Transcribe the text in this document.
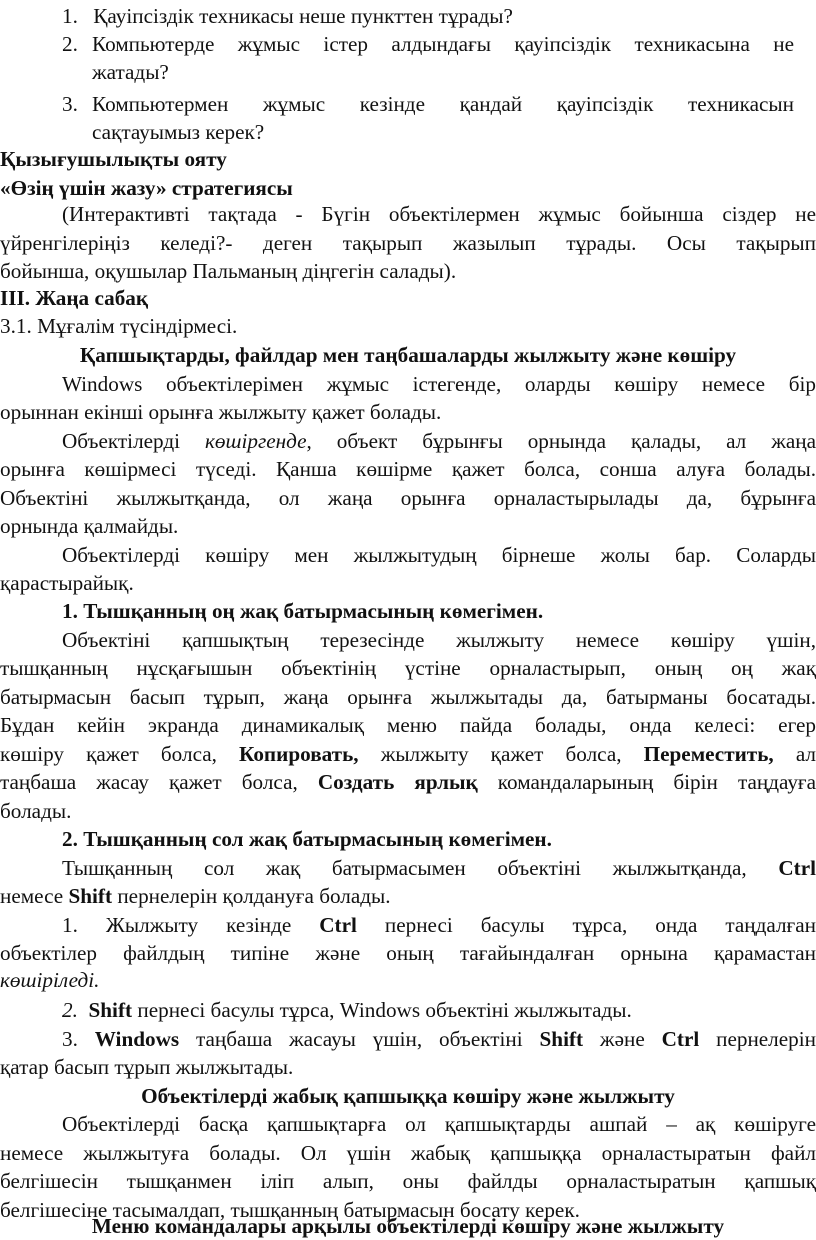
1. Қауіпсіздік техникасы неше пункттен тұрады?
2. Компьютерде жұмыс істер алдындағы қауіпсіздік техникасына не
жатады?
3. Компьютермен жұмыс кезінде қандай қауіпсіздік техникасын
сақтауымыз керек?
Қызығушылықты ояту
«Өзің үшін жазу» стратегиясы
(Интерактивті тақтада - Бүгін объектілермен жұмыс бойынша сіздер не
үйренгілеріңіз келеді?- деген тақырып жазылып тұрады. Осы тақырып
бойынша, оқушылар Пальманың діңгегін салады).
III. Жаңа сабақ
3.1. Мұғалім түсіндірмесі.
Қапшықтарды, файлдар мен таңбашаларды жылжыту және көшіру
Windows объектілерімен жұмыс істегенде, оларды көшіру немесе бір
орыннан екінші орынға жылжыту қажет болады.
Объектілерді көшіргенде, объект бұрынғы орнында қалады, ал жаңа
орынға көшірмесі түседі. Қанша көшірме қажет болса, сонша алуға болады.
Объектіні жылжытқанда, ол жаңа орынға орналастырылады да, бұрынға
орнында қалмайды.
Объектілерді көшіру мен жылжытудың бірнеше жолы бар. Соларды
қарастырайық.
1. Тышқанның оң жақ батырмасының көмегімен.
Объектіні қапшықтың терезесінде жылжыту немесе көшіру үшін,
тышқанның нұсқағышын объектінің үстіне орналастырып, оның оң жақ
батырмасын басып тұрып, жаңа орынға жылжытады да, батырманы босатады.
Бұдан кейін экранда динамикалық меню пайда болады, онда келесі: егер
көшіру қажет болса, Копировать, жылжыту қажет болса, Переместить, ал
таңбаша жасау қажет болса, Создать ярлық командаларының бірін таңдауға
болады.
2. Тышқанның сол жақ батырмасының көмегімен.
Тышқанның сол жақ батырмасымен объектіні жылжытқанда, Ctrl
немесе Shift пернелерін қолдануға болады.
1. Жылжыту кезінде Ctrl пернесі басулы тұрса, онда таңдалған
объектілер файлдың типіне және оның тағайындалған орнына қарамастан
көшіріледі.
2. Shift пернесі басулы тұрса, Windows объектіні жылжытады.
3. Windows таңбаша жасауы үшін, объектіні Shift және Ctrl пернелерін
қатар басып тұрып жылжытады.
Объектілерді жабық қапшыққа көшіру және жылжыту
Объектілерді басқа қапшықтарға ол қапшықтарды ашпай – ақ көшіруге
немесе жылжытуға болады. Ол үшін жабық қапшыққа орналастыратын файл
белгішесін тышқанмен іліп алып, оны файлды орналастыратын қапшық
белгішесіне тасымалдап, тышқанның батырмасын босату керек.
Меню командалары арқылы объектілерді көшіру және жылжыту
